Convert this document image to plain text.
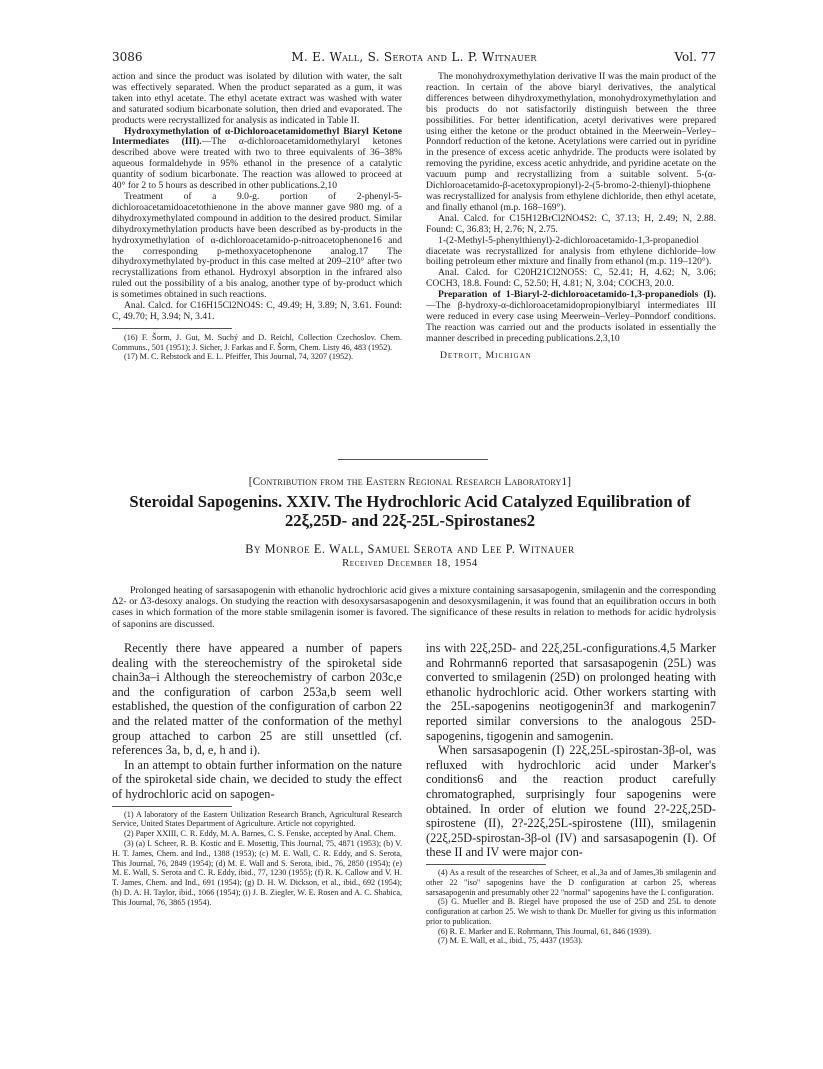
3086	M. E. Wall, S. Serota and L. P. Witnauer	Vol. 77

action and since the product was isolated by dilution with water, the salt was effectively separated. When the product separated as a gum, it was taken into ethyl acetate. The ethyl acetate extract was washed with water and saturated sodium bicarbonate solution, then dried and evaporated. The products were recrystallized for analysis as indicated in Table II.

Hydroxymethylation of α-Dichloroacetamidomethyl Biaryl Ketone Intermediates (III).—The α-dichloroacetamidomethylaryl ketones described above were treated with two to three equivalents of 36–38% aqueous formaldehyde in 95% ethanol in the presence of a catalytic quantity of sodium bicarbonate. The reaction was allowed to proceed at 40° for 2 to 5 hours as described in other publications.2,10

Treatment of a 9.0-g. portion of 2-phenyl-5-dichloroacetamidoacetothienone in the above manner gave 980 mg. of a dihydroxymethylated compound in addition to the desired product. Similar dihydroxymethylation products have been described as by-products in the hydroxymethylation of α-dichloroacetamido-p-nitroacetophenone16 and the corresponding p-methoxyacetophenone analog.17 The dihydroxymethylated by-product in this case melted at 209–210° after two recrystallizations from ethanol. Hydroxyl absorption in the infrared also ruled out the possibility of a bis analog, another type of by-product which is sometimes obtained in such reactions.

Anal. Calcd. for C16H15Cl2NO4S: C, 49.49; H, 3.89; N, 3.61. Found: C, 49.70; H, 3.94; N, 3.41.

(16) F. Šorm, J. Gut, M. Suchý and D. Reichl, Collection Czechoslov. Chem. Communs., 501 (1951); J. Sicher, J. Farkas and F. Šorm, Chem. Listy 46, 483 (1952).

(17) M. C. Rebstock and E. L. Pfeiffer, This Journal, 74, 3207 (1952).

The monohydroxymethylation derivative II was the main product of the reaction. In certain of the above biaryl derivatives, the analytical differences between dihydroxymethylation, monohydroxymethylation and bis products do not satisfactorily distinguish between the three possibilities. For better identification, acetyl derivatives were prepared using either the ketone or the product obtained in the Meerwein–Verley–Ponndorf reduction of the ketone. Acetylations were carried out in pyridine in the presence of excess acetic anhydride. The products were isolated by removing the pyridine, excess acetic anhydride, and pyridine acetate on the vacuum pump and recrystallizing from a suitable solvent. 5-(α-Dichloroacetamido-β-acetoxypropionyl)-2-(5-bromo-2-thienyl)-thiophene was recrystallized for analysis from ethylene dichloride, then ethyl acetate, and finally ethanol (m.p. 168–169°).

Anal. Calcd. for C15H12BrCl2NO4S2: C, 37.13; H, 2.49; N, 2.88. Found: C, 36.83; H, 2.76; N, 2.75.

1-(2-Methyl-5-phenylthienyl)-2-dichloroacetamido-1,3-propanediol diacetate was recrystallized for analysis from ethylene dichloride–low boiling petroleum ether mixture and finally from ethanol (m.p. 119–120°).

Anal. Calcd. for C20H21Cl2NO5S: C, 52.41; H, 4.62; N, 3.06; COCH3, 18.8. Found: C, 52.50; H, 4.81; N, 3.04; COCH3, 20.0.

Preparation of 1-Biaryl-2-dichloroacetamido-1,3-propanediols (I).—The β-hydroxy-α-dichloroacetamidopropionylbiaryl intermediates III were reduced in every case using Meerwein–Verley–Ponndorf conditions. The reaction was carried out and the products isolated in essentially the manner described in preceding publications.2,3,10

Detroit, Michigan

[Contribution from the Eastern Regional Research Laboratory1]
Steroidal Sapogenins. XXIV. The Hydrochloric Acid Catalyzed Equilibration of
22ξ,25D- and 22ξ-25L-Spirostanes2
By Monroe E. Wall, Samuel Serota and Lee P. Witnauer
Received December 18, 1954

Prolonged heating of sarsasapogenin with ethanolic hydrochloric acid gives a mixture containing sarsasapogenin, smilagenin and the corresponding Δ2- or Δ3-desoxy analogs. On studying the reaction with desoxysarsasapogenin and desoxysmilagenin, it was found that an equilibration occurs in both cases in which formation of the more stable smilagenin isomer is favored. The significance of these results in relation to methods for acidic hydrolysis of saponins are discussed.

Recently there have appeared a number of papers dealing with the stereochemistry of the spiroketal side chain3a–i Although the stereochemistry of carbon 203c,e and the configuration of carbon 253a,b seem well established, the question of the configuration of carbon 22 and the related matter of the conformation of the methyl group attached to carbon 25 are still unsettled (cf. references 3a, b, d, e, h and i).

In an attempt to obtain further information on the nature of the spiroketal side chain, we decided to study the effect of hydrochloric acid on sapogen-

(1) A laboratory of the Eastern Utilization Research Branch, Agricultural Research Service, United States Department of Agriculture. Article not copyrighted.

(2) Paper XXIII, C. R. Eddy, M. A. Barnes, C. S. Fenske, accepted by Anal. Chem.

(3) (a) I. Scheer, R. B. Kostic and E. Mosettig, This Journal, 75, 4871 (1953); (b) V. H. T. James, Chem. and Ind., 1388 (1953); (c) M. E. Wall, C. R. Eddy, and S. Serota, This Journal, 76, 2849 (1954); (d) M. E. Wall and S. Serota, ibid., 76, 2850 (1954); (e) M. E. Wall, S. Serota and C. R. Eddy, ibid., 77, 1230 (1955); (f) R. K. Callow and V. H. T. James, Chem. and Ind., 691 (1954); (g) D. H. W. Dickson, et al., ibid., 692 (1954); (h) D. A. H. Taylor, ibid., 1066 (1954); (i) J. B. Ziegler, W. E. Rosen and A. C. Shabica, This Journal, 76, 3865 (1954).

ins with 22ξ,25D- and 22ξ,25L-configurations.4,5 Marker and Rohrmann6 reported that sarsasapogenin (25L) was converted to smilagenin (25D) on prolonged heating with ethanolic hydrochloric acid. Other workers starting with the 25L-sapogenins neotigogenin3f and markogenin7 reported similar conversions to the analogous 25D-sapogenins, tigogenin and samogenin.

When sarsasapogenin (I) 22ξ,25L-spirostan-3β-ol, was refluxed with hydrochloric acid under Marker's conditions6 and the reaction product carefully chromatographed, surprisingly four sapogenins were obtained. In order of elution we found 2?-22ξ,25D-spirostene (II), 2?-22ξ,25L-spirostene (III), smilagenin (22ξ,25D-spirostan-3β-ol (IV) and sarsasapogenin (I). Of these II and IV were major con-

(4) As a result of the researches of Scheer, et al.,3a and of James,3b smilagenin and other 22 "iso" sapogenins have the D configuration at carbon 25, whereas sarsasapogenin and presumably other 22 "normal" sapogenins have the L configuration.

(5) G. Mueller and B. Riegel have proposed the use of 25D and 25L to denote configuration at carbon 25. We wish to thank Dr. Mueller for giving us this information prior to publication.

(6) R. E. Marker and E. Rohrmann, This Journal, 61, 846 (1939).

(7) M. E. Wall, et al., ibid., 75, 4437 (1953).
